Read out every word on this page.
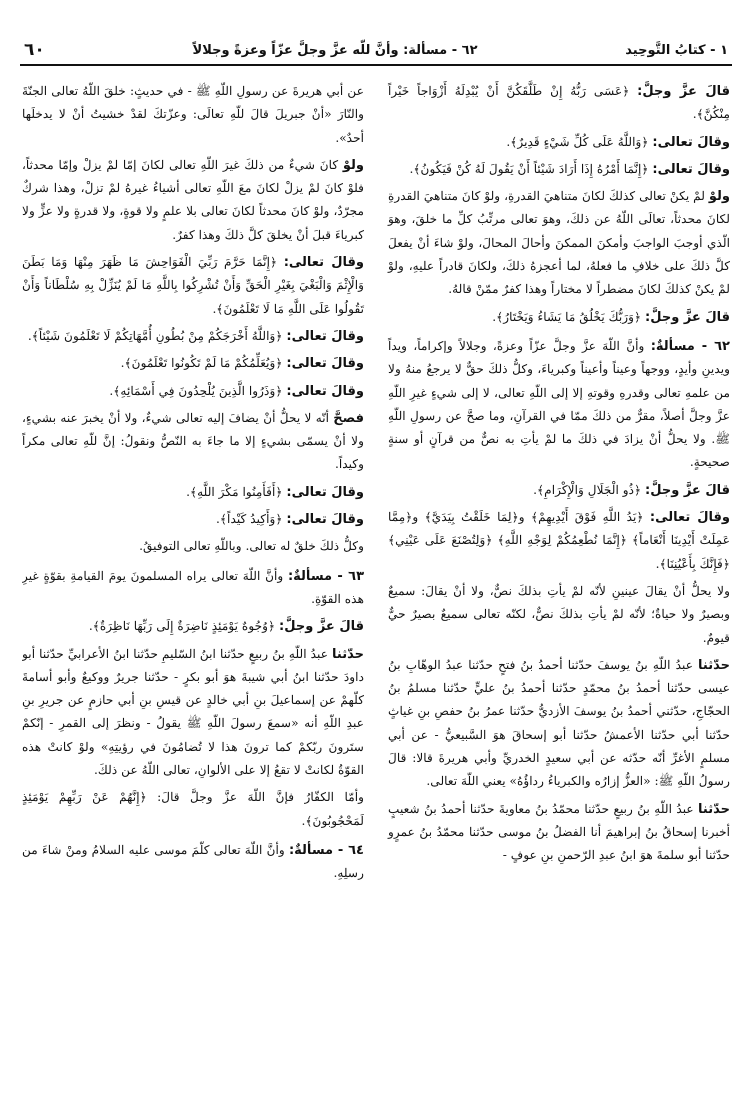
١ - كتابُ التَّوحِيد
٦٢ - مسألة: وأنَّ للّه عزَّ وجلَّ عزّاً وعزةً وجلالاً
٦٠

قالَ عزَّ وجلَّ: ﴿عَسَى رَبُّهُ إِنْ طَلَّقَكُنَّ أَنْ يُبْدِلَهُ أَزْوَاجاً خَيْراً مِنْكُنَّ﴾.

وقالَ تعالى: ﴿وَاللَّهُ عَلَى كُلِّ شَيْءٍ قَدِيرٌ﴾.

وقالَ تعالى: ﴿إِنَّمَا أَمْرُهُ إِذَا أَرَادَ شَيْئاً أَنْ يَقُولَ لَهُ كُنْ فَيَكُونُ﴾.

ولوْ لمْ يكنْ تعالى كذلكَ لكانَ متناهيَ القدرةِ، ولوْ كانَ متناهيَ القدرةِ لكانَ محدثاً، تعالَى اللّهُ عن ذلكَ، وهوَ تعالى مرتِّبُ كلِّ ما خلقَ، وهوَ الّذي أوجبَ الواجبَ وأمكنَ الممكنَ وأحالَ المحالَ، ولوْ شاءَ أنْ يفعلَ كلَّ ذلكَ على خلافِ ما فعلهُ، لما أعجزهُ ذلكَ، ولكانَ قادراً عليهِ، ولوْ لمْ يكنْ كذلكَ لكانَ مضطراً لا مختاراً وهذا كفرٌ ممّنْ قالهُ.

قالَ عزَّ وجلَّ: ﴿وَرَبُّكَ يَخْلُقُ مَا يَشَاءُ وَيَخْتَارُ﴾.

٦٢ - مسألةٌ: وأنَّ اللّهَ عزَّ وجلَّ عزّاً وعزةً، وجلالاً وإكراماً، ويداً ويدينِ وأيدٍ، ووجهاً وعيناً وأعيناً وكبرياءَ، وكلُّ ذلكَ حقٌّ لا يرجعُ منهُ ولا من علمهِ تعالى وقدرهِ وقوتهِ إلا إلى اللّهِ تعالى، لا إلى شيءٍ غيرِ اللّهِ عزَّ وجلَّ أصلاً، مقرٌّ من ذلكَ ممّا في القرآنِ، وما صحَّ عن رسولِ اللّهِ ﷺ. ولا يحلُّ أنْ يزادَ في ذلكَ ما لمْ يأتِ به نصٌّ من قرآنٍ أو سنةٍ صحيحةٍ.

قالَ عزَّ وجلَّ: ﴿ذُو الْجَلَالِ وَالْإِكْرَامِ﴾.

وقالَ تعالى: ﴿يَدُ اللَّهِ فَوْقَ أَيْدِيهِمْ﴾ و﴿لِمَا خَلَقْتُ بِيَدَيَّ﴾ و﴿مِمَّا عَمِلَتْ أَيْدِينَا أَنْعَاماً﴾ ﴿إِنَّمَا نُطْعِمُكُمْ لِوَجْهِ اللَّهِ﴾ ﴿وَلِتُصْنَعَ عَلَى عَيْنِي﴾ ﴿فَإِنَّكَ بِأَعْيُنِنَا﴾.

ولا يحلُّ أنْ يقالَ عينينِ لأنّه لمْ يأتِ بذلكَ نصٌّ، ولا أنْ يقالَ: سميعٌ وبصيرٌ ولا حياةٌ؛ لأنّه لمْ يأتِ بذلكَ نصٌّ، لكنّه تعالى سميعٌ بصيرٌ حيٌّ قيومٌ.

حدّثنا عبدُ اللّهِ بنُ يوسفَ حدّثنا أحمدُ بنُ فتحٍ حدّثنا عبدُ الوهّابِ بنُ عيسى حدّثنا أحمدُ بنُ محمّدٍ حدّثنا أحمدُ بنُ عليٍّ حدّثنا مسلمُ بنُ الحجّاجِ، حدّثني أحمدُ بنُ يوسفَ الأزديُّ حدّثنا عمرُ بنُ حفصِ بنِ غياثٍ حدّثنا أبي حدّثنا الأعمشُ حدّثنا أبو إسحاقَ هوَ السَّبيعيُّ - عن أبي مسلمٍ الأغرِّ أنّه حدّثه عن أبي سعيدٍ الخدريِّ وأبي هريرةَ قالا: قالَ رسولُ اللّهِ ﷺ: «العزُّ إزارُه والكبرياءُ رداؤُهُ» يعني اللّهَ تعالى.

حدّثنا عبدُ اللّهِ بنُ ربيعٍ حدّثنا محمّدُ بنُ معاويةَ حدّثنا أحمدُ بنُ شعيبٍ أخبرنا إسحاقُ بنُ إبراهيمَ أنا الفضلُ بنُ موسى حدّثنا محمّدُ بنُ عمرٍو حدّثنا أبو سلمةَ هوَ ابنُ عبدِ الرّحمنِ بنِ عوفٍ -

عن أبي هريرةَ عن رسولِ اللّهِ ﷺ - في حديثٍ: خلقَ اللّهُ تعالى الجنّةَ والنّارَ «أنْ جبريلَ قالَ للّهِ تعالَى: وعزّتكَ لقدْ خشيتُ أنْ لا يدخلَها أحدٌ».

ولوْ كانَ شيءٌ من ذلكَ غيرَ اللّهِ تعالى لكانَ إمّا لمْ يزلْ وإمّا محدثاً، فلوْ كانَ لمْ يزلْ لكانَ معَ اللّهِ تعالى أشياءُ غيرهُ لمْ تزلْ، وهذا شركٌ مجرّدٌ، ولوْ كانَ محدثاً لكانَ تعالى بلا علمٍ ولا قوةٍ، ولا قدرةٍ ولا عزٍّ ولا كبرياءَ قبلَ أنْ يخلقَ كلَّ ذلكَ وهذا كفرٌ.

وقالَ تعالى: ﴿إِنَّمَا حَرَّمَ رَبِّيَ الْفَوَاحِشَ مَا ظَهَرَ مِنْهَا وَمَا بَطَنَ وَالْإِثْمَ وَالْبَغْيَ بِغَيْرِ الْحَقِّ وَأَنْ تُشْرِكُوا بِاللَّهِ مَا لَمْ يُنَزِّلْ بِهِ سُلْطَاناً وَأَنْ تَقُولُوا عَلَى اللَّهِ مَا لَا تَعْلَمُونَ﴾.

وقالَ تعالى: ﴿وَاللَّهُ أَخْرَجَكُمْ مِنْ بُطُونِ أُمَّهَاتِكُمْ لَا تَعْلَمُونَ شَيْئاً﴾.

وقالَ تعالى: ﴿وَيُعَلِّمُكُمْ مَا لَمْ تَكُونُوا تَعْلَمُونَ﴾.

وقالَ تعالى: ﴿وَذَرُوا الَّذِينَ يُلْحِدُونَ فِي أَسْمَائِهِ﴾.

فصحَّ أنّه لا يحلُّ أنْ يضافَ إليه تعالى شيءٌ، ولا أنْ يخبرَ عنه بشيءٍ، ولا أنْ يسمّى بشيءٍ إلا ما جاءَ به النّصُّ ونقولُ: إنَّ للّهِ تعالى مكراً وكيداً.

وقالَ تعالى: ﴿أَفَأَمِنُوا مَكْرَ اللَّهِ﴾.

وقالَ تعالى: ﴿وَأَكِيدُ كَيْداً﴾.

وكلُّ ذلكَ خلقٌ له تعالى. وباللّهِ تعالى التوفيقُ.

٦٣ - مسألةٌ: وأنَّ اللّهَ تعالى يراه المسلمونَ يومَ القيامةِ بقوّةٍ غيرِ هذه القوّةِ.

قالَ عزَّ وجلَّ: ﴿وُجُوهٌ يَوْمَئِذٍ نَاضِرَةٌ إِلَى رَبِّهَا نَاظِرَةٌ﴾.

حدّثنا عبدُ اللّهِ بنُ ربيعٍ حدّثنا ابنُ السّليمِ حدّثنا ابنُ الأعرابيِّ حدّثنا أبو داودَ حدّثنا ابنُ أبي شيبةَ هوَ أبو بكرٍ - حدّثنا جريرٌ ووكيعٌ وأبو أسامةَ كلّهمْ عن إسماعيلَ بنِ أبي خالدٍ عن قيسِ بنِ أبي حازمٍ عن جريرِ بنِ عبدِ اللّهِ أنه «سمعَ رسولَ اللّهِ ﷺ يقولُ - ونظرَ إلى القمرِ - إنّكمْ ستَرونَ ربّكمْ كما ترونَ هذا لا تُضامُونَ في رؤيتِهِ» ولوْ كانتْ هذه القوّةُ لكانتْ لا تقعُ إلا على الألوانِ، تعالى اللّهُ عن ذلكَ.

وأمّا الكفّارُ فإنَّ اللّهَ عزَّ وجلَّ قالَ: ﴿إِنَّهُمْ عَنْ رَبِّهِمْ يَوْمَئِذٍ لَمَحْجُوبُونَ﴾.

٦٤ - مسألةٌ: وأنَّ اللّهَ تعالى كلّمَ موسى عليه السلامُ ومنْ شاءَ من رسلِهِ.
